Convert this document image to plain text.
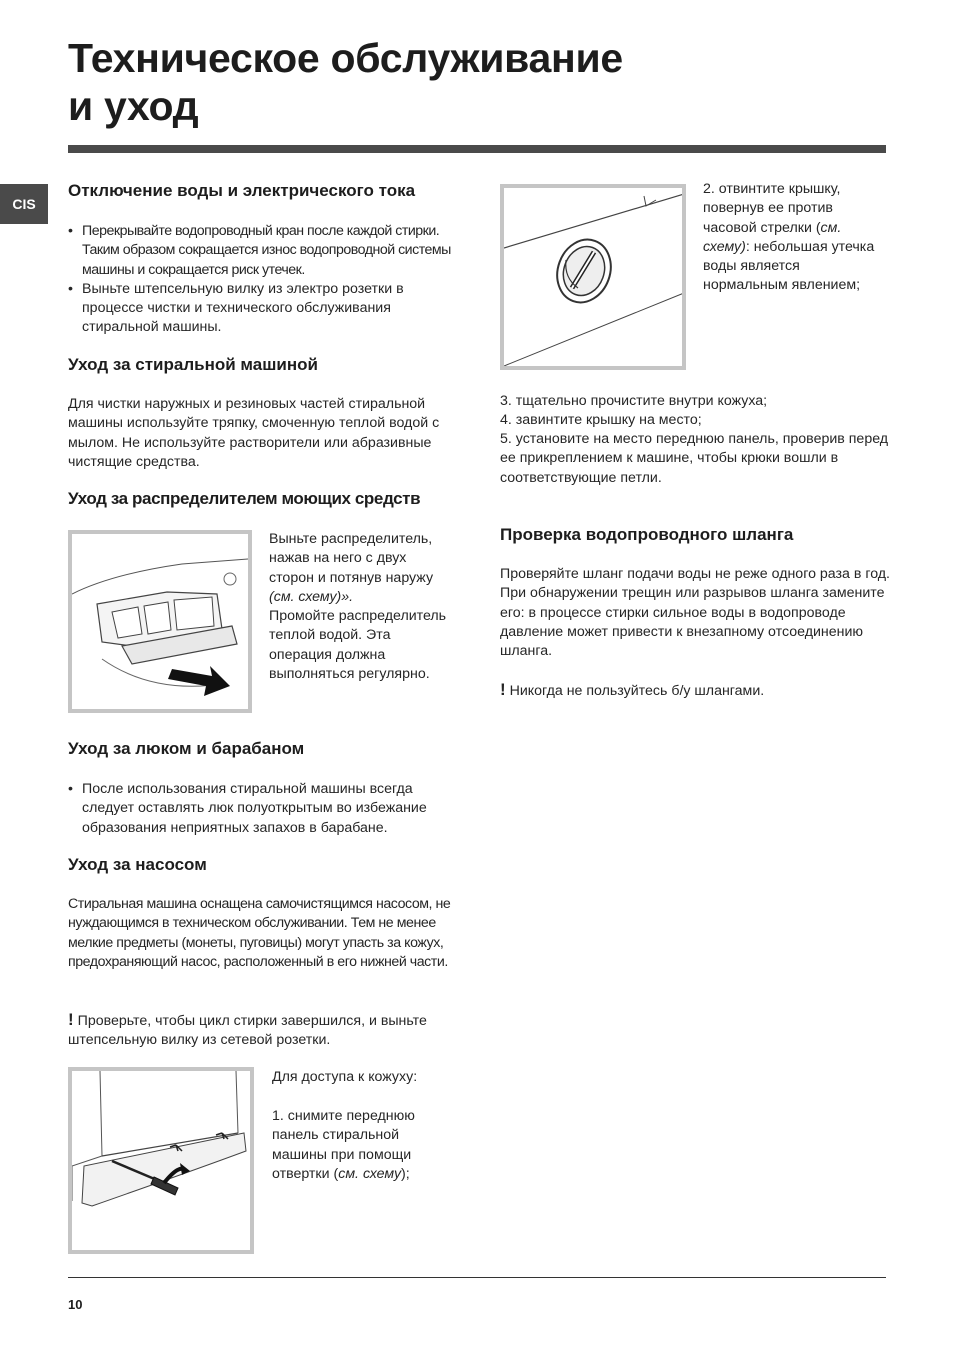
Техническое обслуживание
и уход
CIS
Отключение воды и электрического тока
• Перекрывайте водопроводный кран после каждой стирки. Таким образом сокращается износ водопроводной системы машины и сокращается риск утечек.
• Выньте штепсельную вилку из электро розетки в процессе чистки и технического обслуживания стиральной машины.
Уход за стиральной машиной

Для чистки наружных и резиновых частей стиральной машины используйте тряпку, смоченную теплой водой с мылом. Не используйте растворители или абразивные чистящие средства.

Уход за распределителем моющих средств

Выньте распределитель, нажав на него с двух сторон и потянув наружу (см. схему)».
Промойте распределитель теплой водой. Эта операция должна выполняться регулярно.

Уход за люком и барабаном
• После использования стиральной машины всегда следует оставлять люк полуоткрытым во избежание образования неприятных запахов в барабане.
Уход за насосом

Стиральная машина оснащена самочистящимся насосом, не нуждающимся в техническом обслуживании. Тем не менее мелкие предметы (монеты, пуговицы) могут упасть за кожух, предохраняющий насос, расположенный в его нижней части.

! Проверьте, чтобы цикл стирки завершился, и выньте штепсельную вилку из сетевой розетки.

Для доступа к кожуху:

1. снимите переднюю панель стиральной машины при помощи отвертки (см. схему);

2. отвинтите крышку, повернув ее против часовой стрелки (см. схему): небольшая утечка воды является нормальным явлением;

3. тщательно прочистите внутри кожуха;

4. завинтите крышку на место;

5. установите на место переднюю панель, проверив перед ее прикреплением к машине, чтобы крюки вошли в соответствующие петли.

Проверка водопроводного шланга

Проверяйте шланг подачи воды не реже одного раза в год. При обнаружении трещин или разрывов шланга замените его: в процессе стирки сильное воды в водопроводе давление может привести к внезапному отсоединению шланга.

! Никогда не пользуйтесь б/у шлангами.

10
